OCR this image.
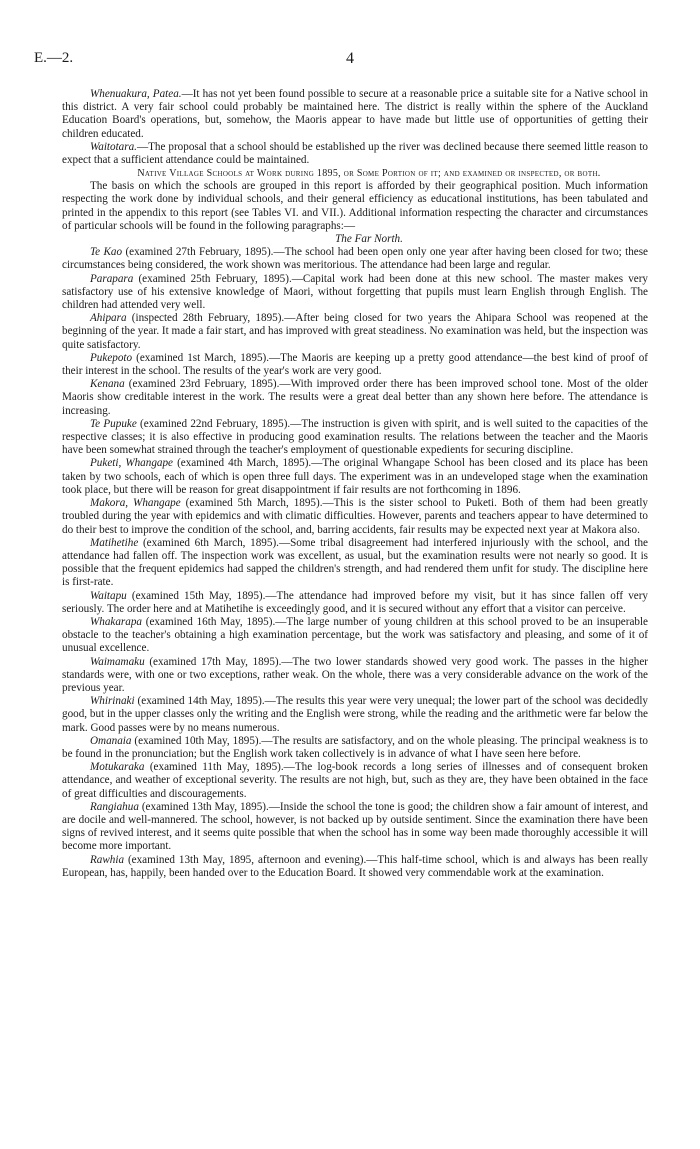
E.—2.	4

Whenuakura, Patea.—It has not yet been found possible to secure at a reasonable price a suitable site for a Native school in this district. A very fair school could probably be maintained here. The district is really within the sphere of the Auckland Education Board's operations, but, somehow, the Maoris appear to have made but little use of opportunities of getting their children educated.

Waitotara.—The proposal that a school should be established up the river was declined because there seemed little reason to expect that a sufficient attendance could be maintained.

Native Village Schools at Work during 1895, or Some Portion of it; and examined or inspected, or both.

The basis on which the schools are grouped in this report is afforded by their geographical position. Much information respecting the work done by individual schools, and their general efficiency as educational institutions, has been tabulated and printed in the appendix to this report (see Tables VI. and VII.). Additional information respecting the character and circumstances of particular schools will be found in the following paragraphs:—

The Far North.

Te Kao (examined 27th February, 1895).—The school had been open only one year after having been closed for two; these circumstances being considered, the work shown was meritorious. The attendance had been large and regular.

Parapara (examined 25th February, 1895).—Capital work had been done at this new school. The master makes very satisfactory use of his extensive knowledge of Maori, without forgetting that pupils must learn English through English. The children had attended very well.

Ahipara (inspected 28th February, 1895).—After being closed for two years the Ahipara School was reopened at the beginning of the year. It made a fair start, and has improved with great steadiness. No examination was held, but the inspection was quite satisfactory.

Pukepoto (examined 1st March, 1895).—The Maoris are keeping up a pretty good attendance—the best kind of proof of their interest in the school. The results of the year's work are very good.

Kenana (examined 23rd February, 1895).—With improved order there has been improved school tone. Most of the older Maoris show creditable interest in the work. The results were a great deal better than any shown here before. The attendance is increasing.

Te Pupuke (examined 22nd February, 1895).—The instruction is given with spirit, and is well suited to the capacities of the respective classes; it is also effective in producing good examination results. The relations between the teacher and the Maoris have been somewhat strained through the teacher's employment of questionable expedients for securing discipline.

Puketi, Whangape (examined 4th March, 1895).—The original Whangape School has been closed and its place has been taken by two schools, each of which is open three full days. The experiment was in an undeveloped stage when the examination took place, but there will be reason for great disappointment if fair results are not forthcoming in 1896.

Makora, Whangape (examined 5th March, 1895).—This is the sister school to Puketi. Both of them had been greatly troubled during the year with epidemics and with climatic difficulties. However, parents and teachers appear to have determined to do their best to improve the condition of the school, and, barring accidents, fair results may be expected next year at Makora also.

Matihetihe (examined 6th March, 1895).—Some tribal disagreement had interfered injuriously with the school, and the attendance had fallen off. The inspection work was excellent, as usual, but the examination results were not nearly so good. It is possible that the frequent epidemics had sapped the children's strength, and had rendered them unfit for study. The discipline here is first-rate.

Waitapu (examined 15th May, 1895).—The attendance had improved before my visit, but it has since fallen off very seriously. The order here and at Matihetihe is exceedingly good, and it is secured without any effort that a visitor can perceive.

Whakarapa (examined 16th May, 1895).—The large number of young children at this school proved to be an insuperable obstacle to the teacher's obtaining a high examination percentage, but the work was satisfactory and pleasing, and some of it of unusual excellence.

Waimamaku (examined 17th May, 1895).—The two lower standards showed very good work. The passes in the higher standards were, with one or two exceptions, rather weak. On the whole, there was a very considerable advance on the work of the previous year.

Whirinaki (examined 14th May, 1895).—The results this year were very unequal; the lower part of the school was decidedly good, but in the upper classes only the writing and the English were strong, while the reading and the arithmetic were far below the mark. Good passes were by no means numerous.

Omanaia (examined 10th May, 1895).—The results are satisfactory, and on the whole pleasing. The principal weakness is to be found in the pronunciation; but the English work taken collectively is in advance of what I have seen here before.

Motukaraka (examined 11th May, 1895).—The log-book records a long series of illnesses and of consequent broken attendance, and weather of exceptional severity. The results are not high, but, such as they are, they have been obtained in the face of great difficulties and discouragements.

Rangiahua (examined 13th May, 1895).—Inside the school the tone is good; the children show a fair amount of interest, and are docile and well-mannered. The school, however, is not backed up by outside sentiment. Since the examination there have been signs of revived interest, and it seems quite possible that when the school has in some way been made thoroughly accessible it will become more important.

Rawhia (examined 13th May, 1895, afternoon and evening).—This half-time school, which is and always has been really European, has, happily, been handed over to the Education Board. It showed very commendable work at the examination.
